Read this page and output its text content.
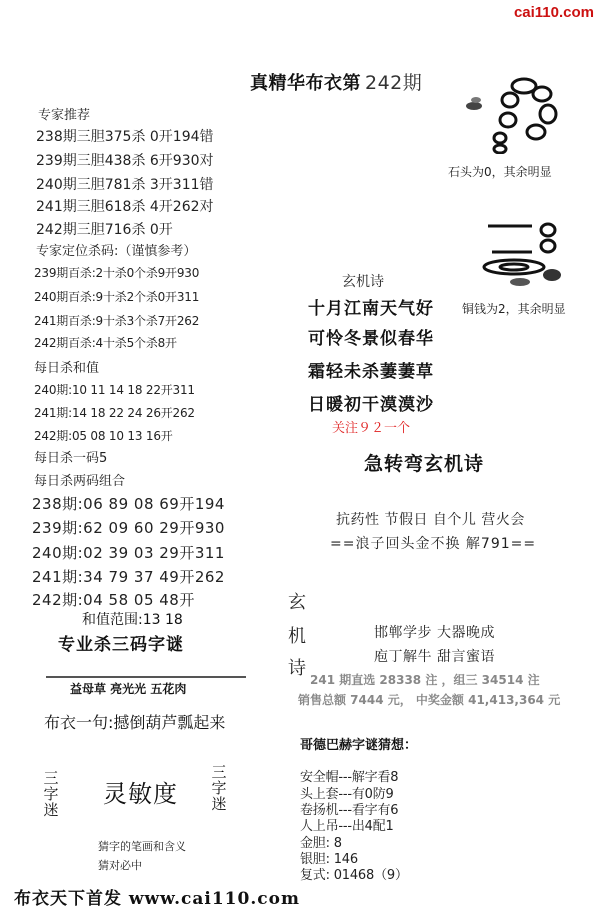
cai110.com
真精华布衣第 242期
石头为0，其余明显
铜钱为2，其余明显
专家推荐
238期三胆375杀 0开194错
239期三胆438杀 6开930对
240期三胆781杀 3开311错
241期三胆618杀 4开262对
242期三胆716杀 0开
专家定位杀码:（谨慎参考）
239期百杀:2十杀0个杀9开930
240期百杀:9十杀2个杀0开311
241期百杀:9十杀3个杀7开262
242期百杀:4十杀5个杀8开
每日杀和值
240期:10 11 14 18 22开311
241期:14 18 22 24 26开262
242期:05 08 10 13 16开
每日杀一码5
每日杀两码组合
238期:06 89 08 69开194
239期:62 09 60 29开930
240期:02 39 03 29开311
241期:34 79 37 49开262
242期:04 58 05 48开
和值范围:13 18
专业杀三码字谜
益母草 亮光光 五花肉
布衣一句:撼倒葫芦瓢起来
三字迷
灵敏度
三字迷
猜字的笔画和含义
猜对必中
玄机诗
十月江南天气好
可怜冬景似春华
霜轻未杀萋萋草
日暖初干漠漠沙
关注９２一个
急转弯玄机诗
抗药性 节假日 自个儿 营火会
==浪子回头金不换 解791==
玄
机
诗
邯郸学步 大器晚成
庖丁解牛 甜言蜜语
241 期直选 28338 注 ，组三 34514 注
销售总额 7444 元， 中奖金额 41,413,364 元
哥德巴赫字谜猜想：
安全帽---解字看8
头上套---有0防9
卷扬机---看字有6
人上吊---出4配1
金胆: 8
银胆: 146
复式: 01468（9）
布衣天下首发 www.cai110.com
